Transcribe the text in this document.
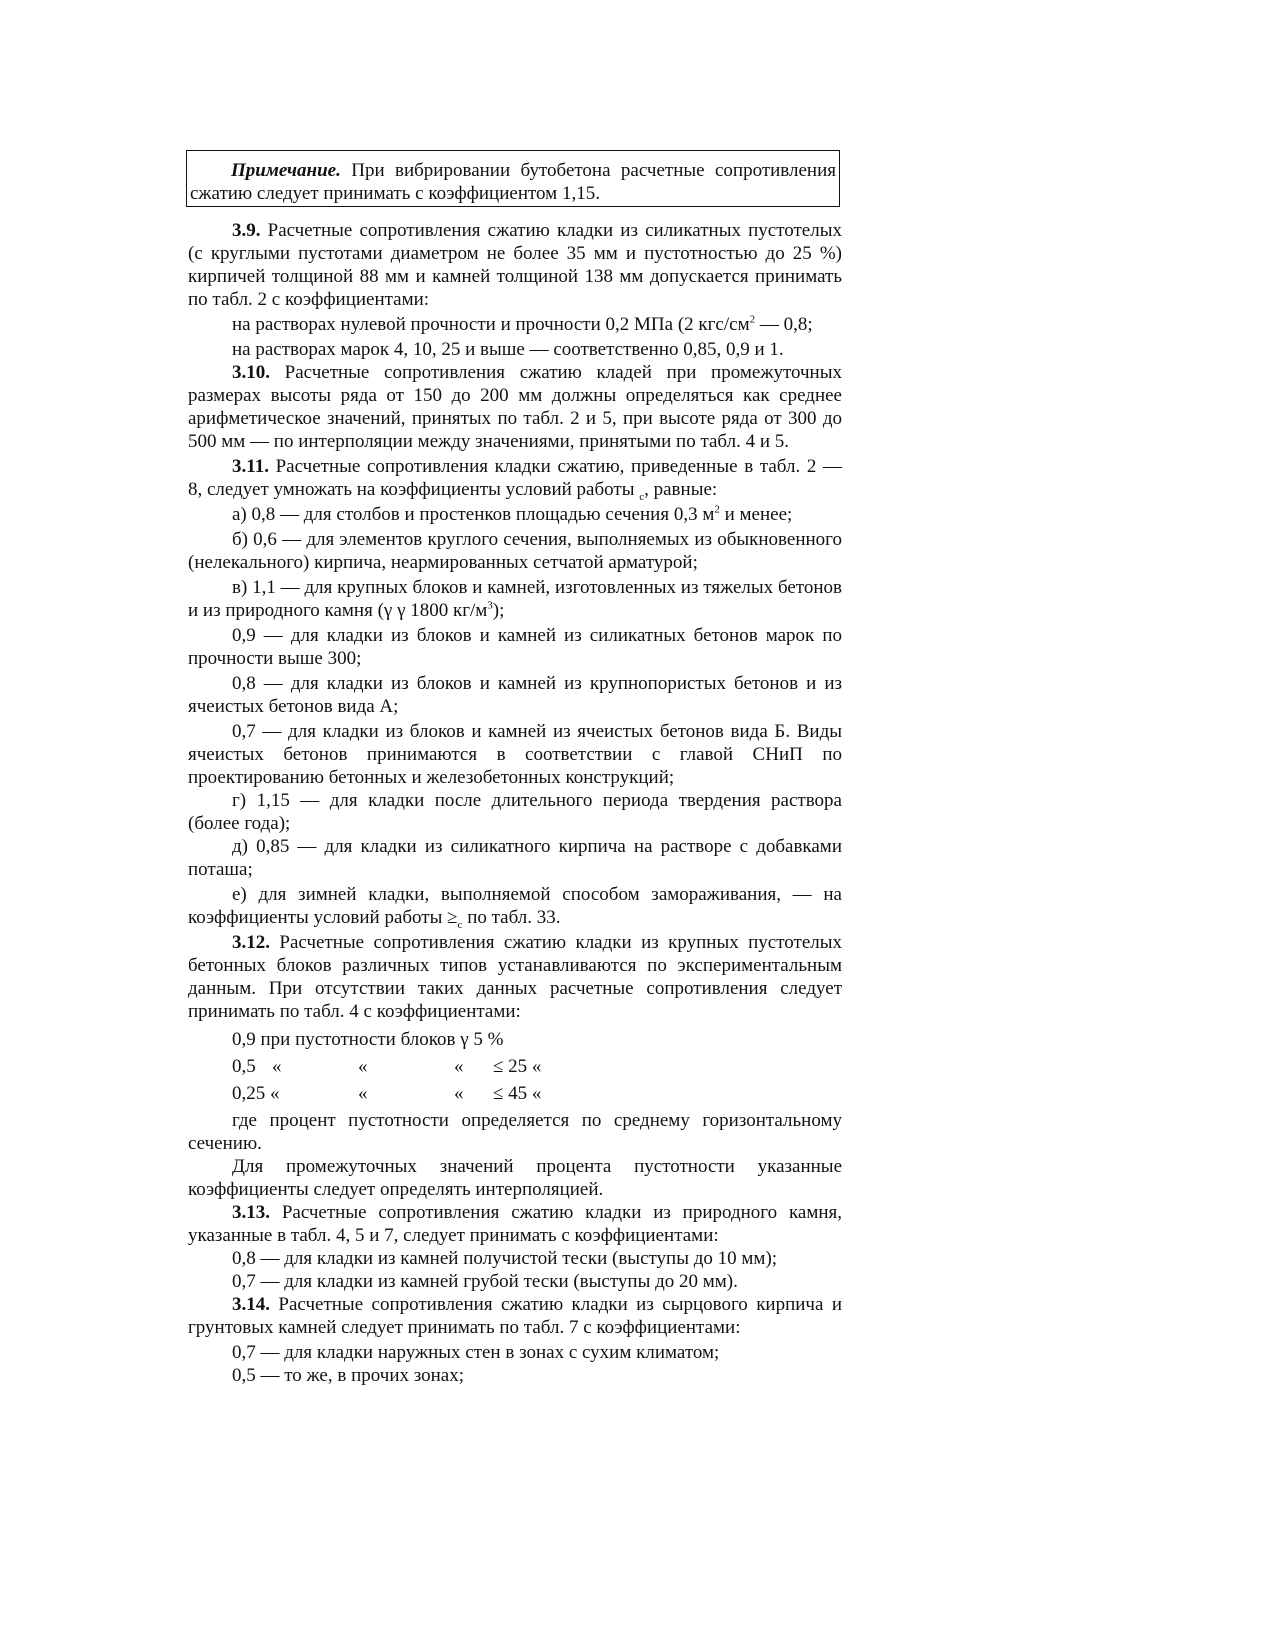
Примечание. При вибрировании бутобетона расчетные сопротивления сжатию следует принимать с коэффициентом 1,15.

3.9. Расчетные сопротивления сжатию кладки из силикатных пустотелых (с круглыми пустотами диаметром не более 35 мм и пустотностью до 25 %) кирпичей толщиной 88 мм и камней толщиной 138 мм допускается принимать по табл. 2 с коэффициентами:

на растворах нулевой прочности и прочности 0,2 МПа (2 кгс/$см^2$ — 0,8;

на растворах марок 4, 10, 25 и выше — соответственно 0,85, 0,9 и 1.

3.10. Расчетные сопротивления сжатию кладей при промежуточных размерах высоты ряда от 150 до 200 мм должны определяться как среднее арифметическое значений, принятых по табл. 2 и 5, при высоте ряда от 300 до 500 мм — по интерполяции между значениями, принятыми по табл. 4 и 5.

3.11. Расчетные сопротивления кладки сжатию, приведенные в табл. 2 — 8, следует умножать на коэффициенты условий работы $_c$, равные:

а) 0,8 — для столбов и простенков площадью сечения 0,3 $м^2$ и менее;

б) 0,6 — для элементов круглого сечения, выполняемых из обыкновенного (нелекального) кирпича, неармированных сетчатой арматурой;

в) 1,1 — для крупных блоков и камней, изготовленных из тяжелых бетонов и из природного камня (γ γ 1800 $кг/м^3$);

0,9 — для кладки из блоков и камней из силикатных бетонов марок по прочности выше 300;

0,8 — для кладки из блоков и камней из крупнопористых бетонов и из ячеистых бетонов вида А;

0,7 — для кладки из блоков и камней из ячеистых бетонов вида Б. Виды ячеистых бетонов принимаются в соответствии с главой СНиП по проектированию бетонных и железобетонных конструкций;

г) 1,15 — для кладки после длительного периода твердения раствора (более года);

д) 0,85 — для кладки из силикатного кирпича на растворе с добавками поташа;

е) для зимней кладки, выполняемой способом замораживания, — на коэффициенты условий работы $\ge_c$ по табл. 33.

3.12. Расчетные сопротивления сжатию кладки из крупных пустотелых бетонных блоков различных типов устанавливаются по экспериментальным данным. При отсутствии таких данных расчетные сопротивления следует принимать по табл. 4 с коэффициентами:

0,9 при пустотности блоков γ 5 %
0,5 «	«	« ≤ 25 «
0,25 «	«	« ≤ 45 «

где процент пустотности определяется по среднему горизонтальному сечению.

Для промежуточных значений процента пустотности указанные коэффициенты следует определять интерполяцией.

3.13. Расчетные сопротивления сжатию кладки из природного камня, указанные в табл. 4, 5 и 7, следует принимать с коэффициентами:

0,8 — для кладки из камней получистой тески (выступы до 10 мм);

0,7 — для кладки из камней грубой тески (выступы до 20 мм).

3.14. Расчетные сопротивления сжатию кладки из сырцового кирпича и грунтовых камней следует принимать по табл. 7 с коэффициентами:

0,7 — для кладки наружных стен в зонах с сухим климатом;

0,5 — то же, в прочих зонах;
